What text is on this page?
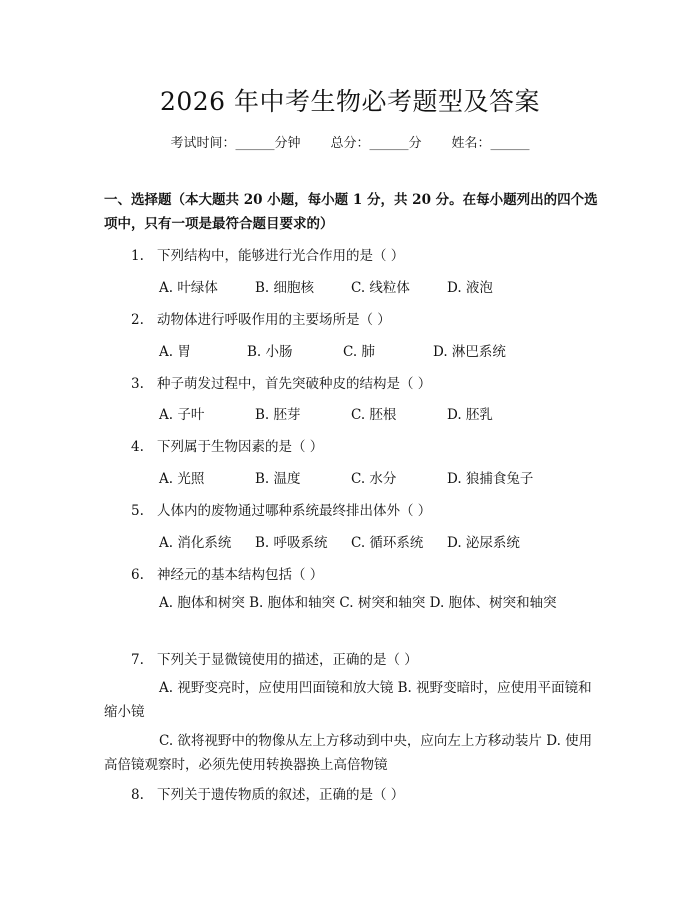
2026 年中考生物必考题型及答案
考试时间：______分钟 总分：______分 姓名：______
一、选择题（本大题共 20 小题，每小题 1 分，共 20 分。在每小题列出的四个选项中，只有一项是最符合题目要求的）
1. 下列结构中，能够进行光合作用的是（ ）
A. 叶绿体	B. 细胞核	C. 线粒体	D. 液泡
2. 动物体进行呼吸作用的主要场所是（ ）
A. 胃	B. 小肠	C. 肺	D. 淋巴系统
3. 种子萌发过程中，首先突破种皮的结构是（ ）
A. 子叶	B. 胚芽	C. 胚根	D. 胚乳
4. 下列属于生物因素的是（ ）
A. 光照	B. 温度	C. 水分	D. 狼捕食兔子
5. 人体内的废物通过哪种系统最终排出体外（ ）
A. 消化系统 B. 呼吸系统 C. 循环系统 D. 泌尿系统
6. 神经元的基本结构包括（ ）
A. 胞体和树突 B. 胞体和轴突 C. 树突和轴突 D. 胞体、树突和轴突
7. 下列关于显微镜使用的描述，正确的是（ ）
A. 视野变亮时，应使用凹面镜和放大镜 B. 视野变暗时，应使用平面镜和缩小镜
C. 欲将视野中的物像从左上方移动到中央，应向左上方移动装片 D. 使用高倍镜观察时，必须先使用转换器换上高倍物镜
8. 下列关于遗传物质的叙述，正确的是（ ）
